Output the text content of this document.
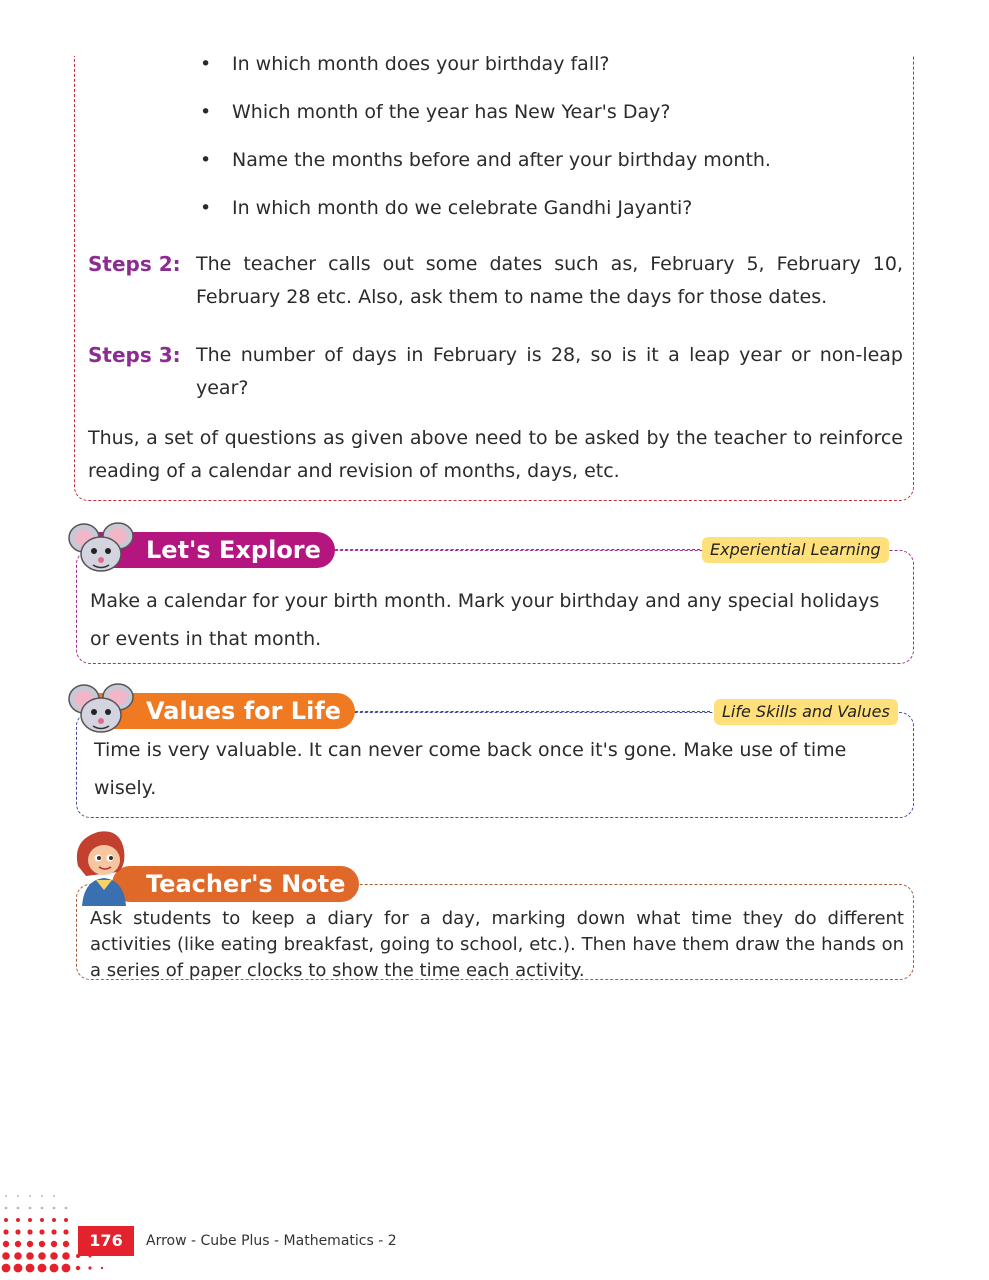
• In which month does your birthday fall?
• Which month of the year has New Year's Day?
• Name the months before and after your birthday month.
• In which month do we celebrate Gandhi Jayanti?
Steps 2: The teacher calls out some dates such as, February 5, February 10, February 28 etc. Also, ask them to name the days for those dates.
Steps 3: The number of days in February is 28, so is it a leap year or non-leap year?
Thus, a set of questions as given above need to be asked by the teacher to reinforce reading of a calendar and revision of months, days, etc.
Let's Explore	Experiential Learning
Make a calendar for your birth month. Mark your birthday and any special holidays or events in that month.
Values for Life	Life Skills and Values
Time is very valuable. It can never come back once it's gone. Make use of time wisely.
Teacher's Note
Ask students to keep a diary for a day, marking down what time they do different activities (like eating breakfast, going to school, etc.). Then have them draw the hands on a series of paper clocks to show the time each activity.
176	Arrow - Cube Plus - Mathematics - 2
